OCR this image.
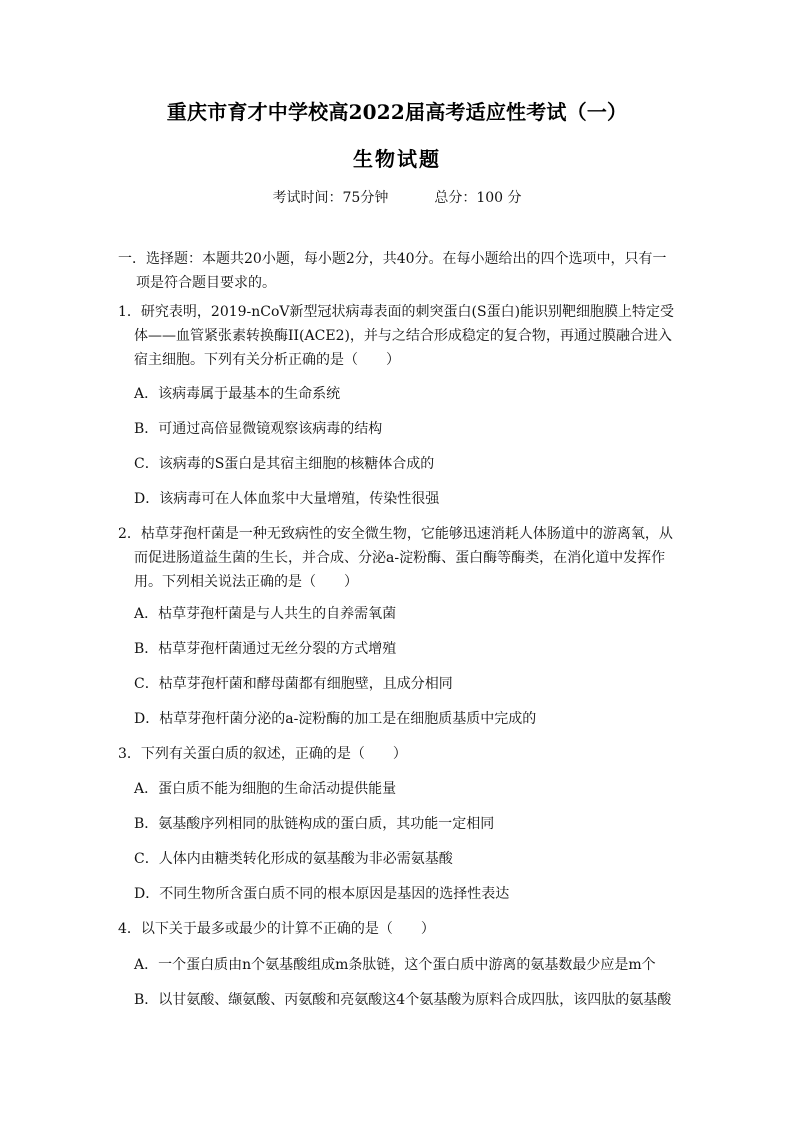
重庆市育才中学校高2022届高考适应性考试（一）
生物试题
考试时间：75分钟	总分：100 分
一．选择题：本题共20小题，每小题2分，共40分。在每小题给出的四个选项中，只有一项是符合题目要求的。
1．研究表明，2019-nCoV新型冠状病毒表面的刺突蛋白(S蛋白)能识别靶细胞膜上特定受体——血管紧张素转换酶II(ACE2)，并与之结合形成稳定的复合物，再通过膜融合进入宿主细胞。下列有关分析正确的是（　　）
A．该病毒属于最基本的生命系统
B．可通过高倍显微镜观察该病毒的结构
C．该病毒的S蛋白是其宿主细胞的核糖体合成的
D．该病毒可在人体血浆中大量增殖，传染性很强
2．枯草芽孢杆菌是一种无致病性的安全微生物，它能够迅速消耗人体肠道中的游离氧，从而促进肠道益生菌的生长，并合成、分泌a-淀粉酶、蛋白酶等酶类，在消化道中发挥作用。下列相关说法正确的是（　　）
A．枯草芽孢杆菌是与人共生的自养需氧菌
B．枯草芽孢杆菌通过无丝分裂的方式增殖
C．枯草芽孢杆菌和酵母菌都有细胞壁，且成分相同
D．枯草芽孢杆菌分泌的a-淀粉酶的加工是在细胞质基质中完成的
3．下列有关蛋白质的叙述，正确的是（　　）
A．蛋白质不能为细胞的生命活动提供能量
B．氨基酸序列相同的肽链构成的蛋白质，其功能一定相同
C．人体内由糖类转化形成的氨基酸为非必需氨基酸
D．不同生物所含蛋白质不同的根本原因是基因的选择性表达
4．以下关于最多或最少的计算不正确的是（　　）
A．一个蛋白质由n个氨基酸组成m条肽链，这个蛋白质中游离的氨基数最少应是m个
B．以甘氨酸、缬氨酸、丙氨酸和亮氨酸这4个氨基酸为原料合成四肽，该四肽的氨基酸
